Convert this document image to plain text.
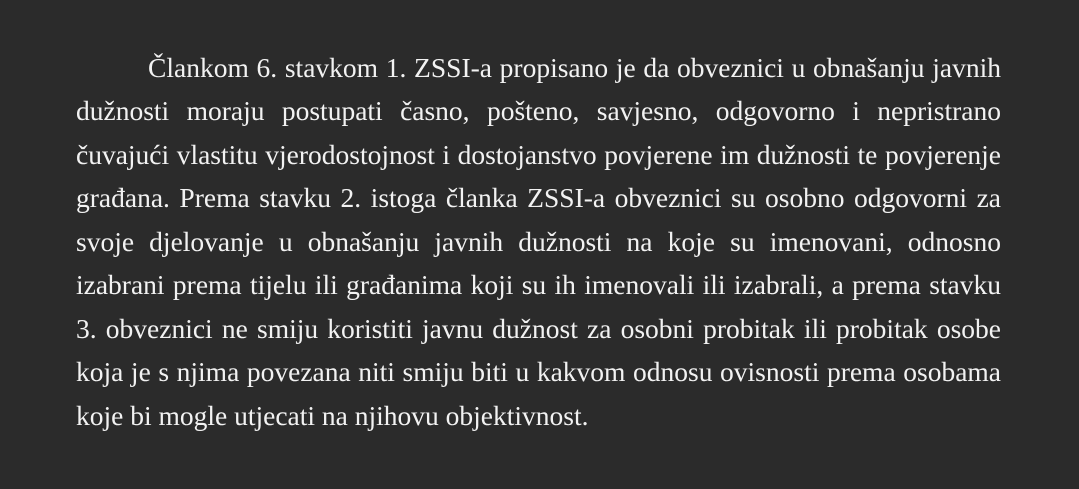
Člankom 6. stavkom 1. ZSSI-a propisano je da obveznici u obnašanju javnih dužnosti moraju postupati časno, pošteno, savjesno, odgovorno i nepristrano čuvajući vlastitu vjerodostojnost i dostojanstvo povjerene im dužnosti te povjerenje građana. Prema stavku 2. istoga članka ZSSI-a obveznici su osobno odgovorni za svoje djelovanje u obnašanju javnih dužnosti na koje su imenovani, odnosno izabrani prema tijelu ili građanima koji su ih imenovali ili izabrali, a prema stavku 3. obveznici ne smiju koristiti javnu dužnost za osobni probitak ili probitak osobe koja je s njima povezana niti smiju biti u kakvom odnosu ovisnosti prema osobama koje bi mogle utjecati na njihovu objektivnost.
